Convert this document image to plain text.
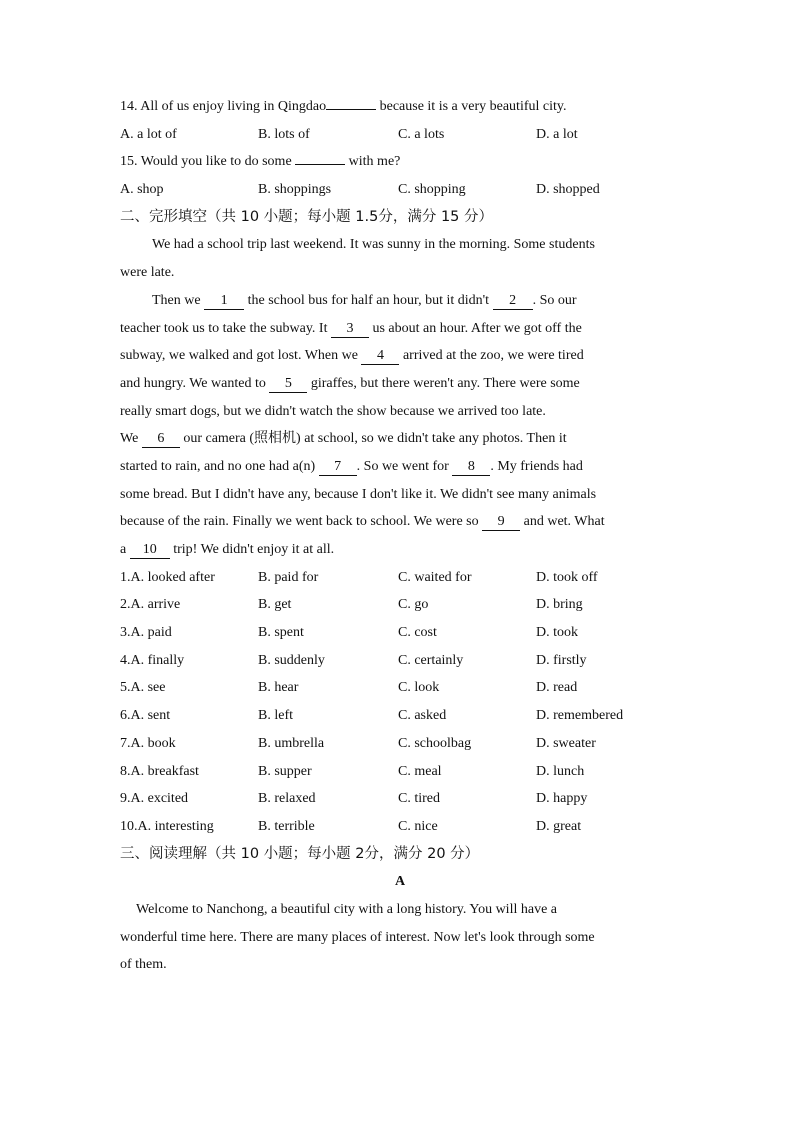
14. All of us enjoy living in Qingdao	because it is a very beautiful city.
A. a lot of	B. lots of	C. a lots	D. a lot
15. Would you like to do some	with me?
A. shop	B. shoppings	C. shopping	D. shopped
二、完形填空（共 10 小题；每小题 1.5分，满分 15 分）
We had a school trip last weekend. It was sunny in the morning. Some students
were late.
Then we 1 the school bus for half an hour, but it didn't 2 . So our
teacher took us to take the subway. It 3 us about an hour. After we got off the
subway, we walked and got lost. When we 4 arrived at the zoo, we were tired
and hungry. We wanted to 5 giraffes, but there weren't any. There were some
really smart dogs, but we didn't watch the show because we arrived too late.
We 6 our camera (照相机) at school, so we didn't take any photos. Then it
started to rain, and no one had a(n) 7 . So we went for 8 . My friends had
some bread. But I didn't have any, because I don't like it. We didn't see many animals
because of the rain. Finally we went back to school. We were so 9 and wet. What
a 10 trip! We didn't enjoy it at all.
1.A. looked after	B. paid for	C. waited for	D. took off
2.A. arrive	B. get	C. go	D. bring
3.A. paid	B. spent	C. cost	D. took
4.A. finally	B. suddenly	C. certainly	D. firstly
5.A. see	B. hear	C. look	D. read
6.A. sent	B. left	C. asked	D. remembered
7.A. book	B. umbrella	C. schoolbag	D. sweater
8.A. breakfast	B. supper	C. meal	D. lunch
9.A. excited	B. relaxed	C. tired	D. happy
10.A. interesting	B. terrible	C. nice	D. great
三、阅读理解（共 10 小题；每小题 2分，满分 20 分）
A
Welcome to Nanchong, a beautiful city with a long history. You will have a
wonderful time here. There are many places of interest. Now let's look through some
of them.
